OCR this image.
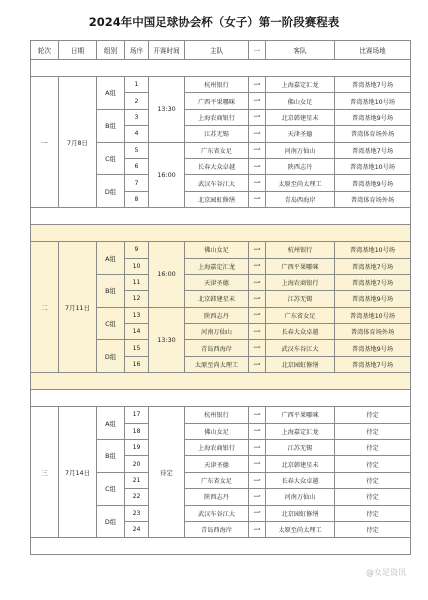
2024年中国足球协会杯（女子）第一阶段赛程表
轮次	日期	组别	场序	开赛时间	主队	一	客队	比赛场地

一	7月8日	A组	1	13:30	杭州银行	一	上海嘉定汇龙	普湾基地7号场
			2		广西平果哪咪	一	佛山女足	普湾基地10号场
		B组	3		上海农商银行	一	北京韩建星未	普湾基地9号场
			4		江苏无锡	一	天津圣德	普湾体育场外场
		C组	5	16:00	广东省女足	一	河南万仙山	普湾基地7号场
			6		长春大众卓越	一	陕西志丹	普湾基地10号场
		D组	7		武汉车谷江大	一	太原至尚太理工	普湾基地9号场
			8		北京园虹修缮	一	青岛西海岸	普湾体育场外场

二	7月11日	A组	9	16:00	佛山女足	一	杭州银行	普湾基地10号场
			10		上海嘉定汇龙	一	广西平果哪咪	普湾基地7号场
		B组	11		天津圣德	一	上海农商银行	普湾基地7号场
			12		北京韩建星未	一	江苏无锡	普湾基地9号场
		C组	13	13:30	陕西志丹	一	广东省女足	普湾基地10号场
			14		河南万仙山	一	长春大众卓越	普湾体育场外场
		D组	15		青岛西海岸	一	武汉车谷江大	普湾基地9号场
			16		太原至尚太理工	一	北京园虹修缮	普湾基地7号场

三	7月14日	A组	17	待定	杭州银行	一	广西平果哪咪	待定
			18		佛山女足	一	上海嘉定汇龙	待定
		B组	19		上海农商银行	一	江苏无锡	待定
			20		天津圣德	一	北京韩建星未	待定
		C组	21		广东省女足	一	长春大众卓越	待定
			22		陕西志丹	一	河南万仙山	待定
		D组	23		武汉车谷江大	一	北京园虹修缮	待定
			24		青岛西海岸	一	太原至尚太理工	待定

@女足资讯
